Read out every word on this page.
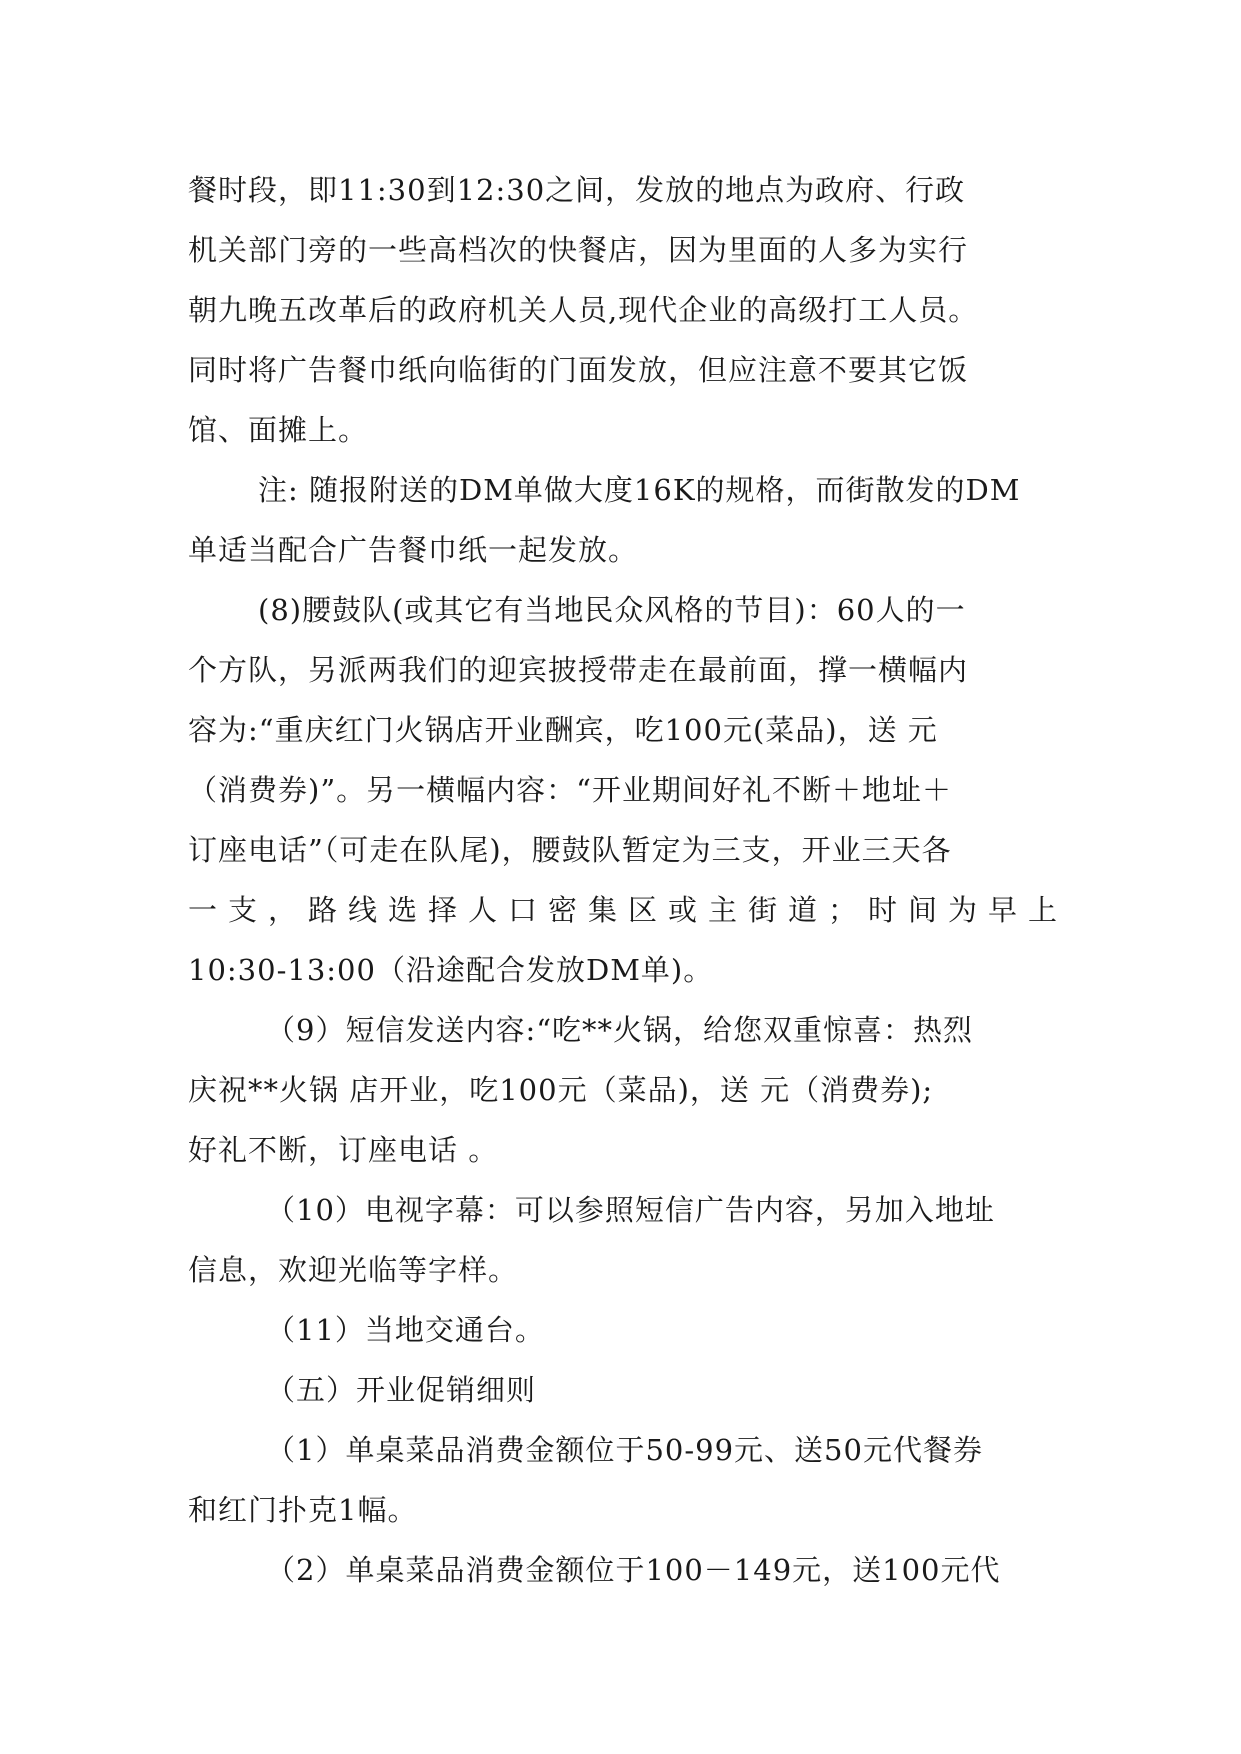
餐时段，即11:30到12:30之间，发放的地点为政府、行政
机关部门旁的一些高档次的快餐店，因为里面的人多为实行
朝九晚五改革后的政府机关人员,现代企业的高级打工人员。
同时将广告餐巾纸向临街的门面发放，但应注意不要其它饭
馆、面摊上。

注: 随报附送的DM单做大度16K的规格，而街散发的DM
单适当配合广告餐巾纸一起发放。

(8)腰鼓队(或其它有当地民众风格的节目)：60人的一
个方队，另派两我们的迎宾披授带走在最前面，撑一横幅内
容为:“重庆红门火锅店开业酬宾，吃100元(菜品)，送 元
（消费券)”。另一横幅内容：“开业期间好礼不断＋地址＋
订座电话”（可走在队尾)，腰鼓队暂定为三支，开业三天各
一支，路线选择人口密集区或主街道；时间为早上
10:30-13:00（沿途配合发放DM单)。

（9）短信发送内容:“吃**火锅，给您双重惊喜：热烈
庆祝**火锅 店开业，吃100元（菜品)，送 元（消费券);
好礼不断，订座电话 。

（10）电视字幕：可以参照短信广告内容，另加入地址
信息，欢迎光临等字样。

（11）当地交通台。

（五）开业促销细则

（1）单桌菜品消费金额位于50-99元、送50元代餐券
和红门扑克1幅。

（2）单桌菜品消费金额位于100－149元，送100元代
